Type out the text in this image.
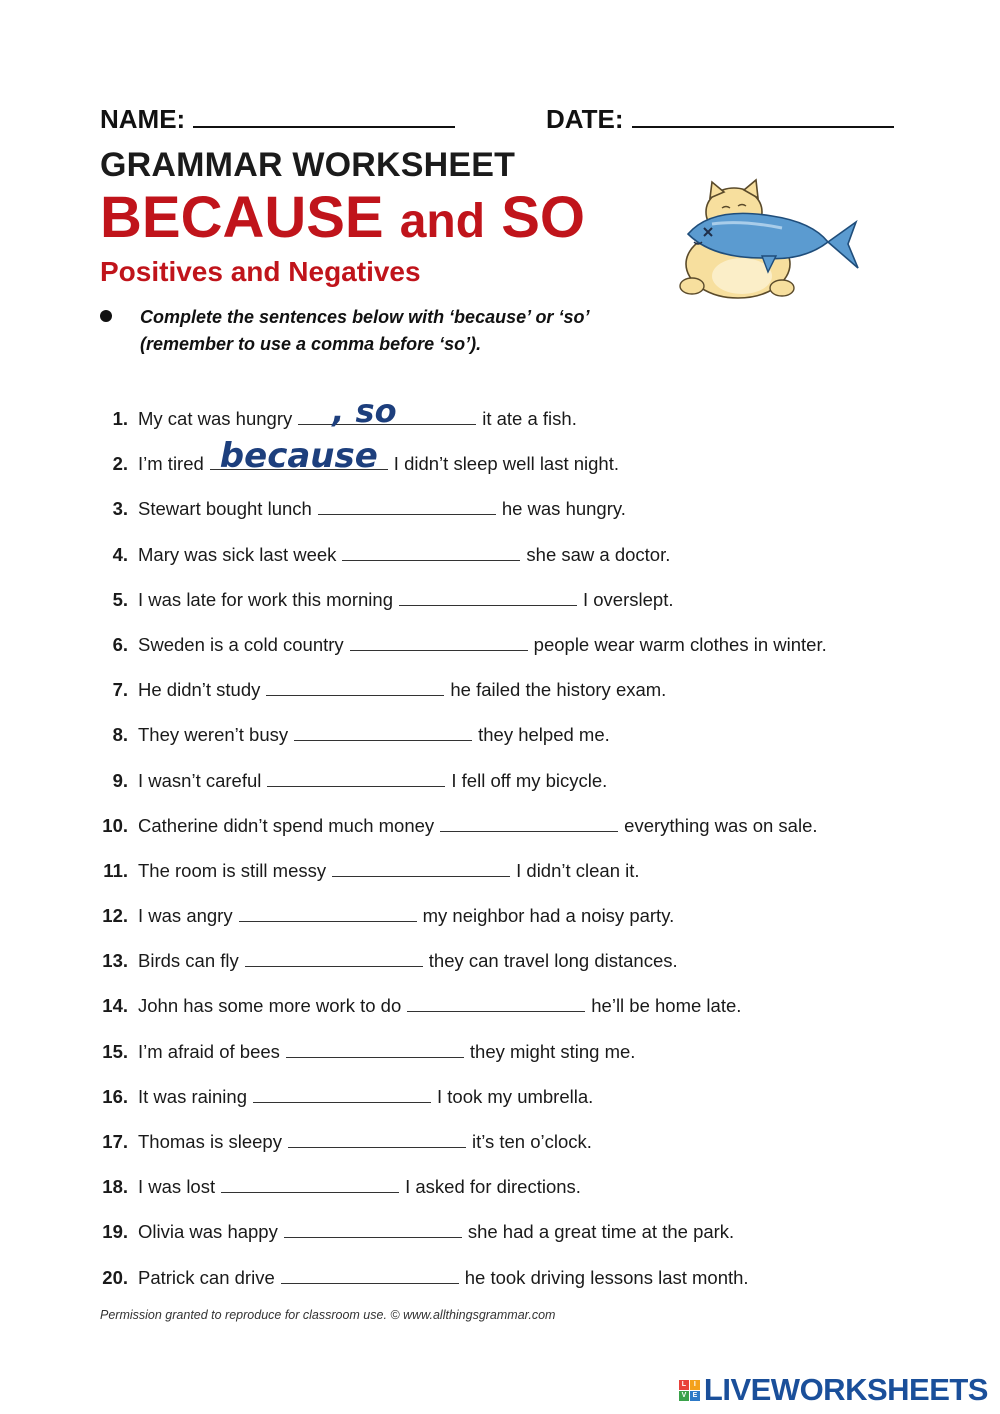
NAME:	DATE:
GRAMMAR WORKSHEET
BECAUSE and SO
Positives and Negatives
Complete the sentences below with ‘because’ or ‘so’
(remember to use a comma before ‘so’).
1. My cat was hungry , so	it ate a fish.
2. I’m tired because I didn’t sleep well last night.
3. Stewart bought lunch	he was hungry.
4. Mary was sick last week	she saw a doctor.
5. I was late for work this morning	I overslept.
6. Sweden is a cold country	people wear warm clothes in winter.
7. He didn’t study	he failed the history exam.
8. They weren’t busy	they helped me.
9. I wasn’t careful	I fell off my bicycle.
10. Catherine didn’t spend much money	everything was on sale.
11. The room is still messy	I didn’t clean it.
12. I was angry	my neighbor had a noisy party.
13. Birds can fly	they can travel long distances.
14. John has some more work to do	he’ll be home late.
15. I’m afraid of bees	they might sting me.
16. It was raining	I took my umbrella.
17. Thomas is sleepy	it’s ten o’clock.
18. I was lost	I asked for directions.
19. Olivia was happy	she had a great time at the park.
20. Patrick can drive	he took driving lessons last month.
Permission granted to reproduce for classroom use. © www.allthingsgrammar.com
L	I
V E LIVEWORKSHEETS
